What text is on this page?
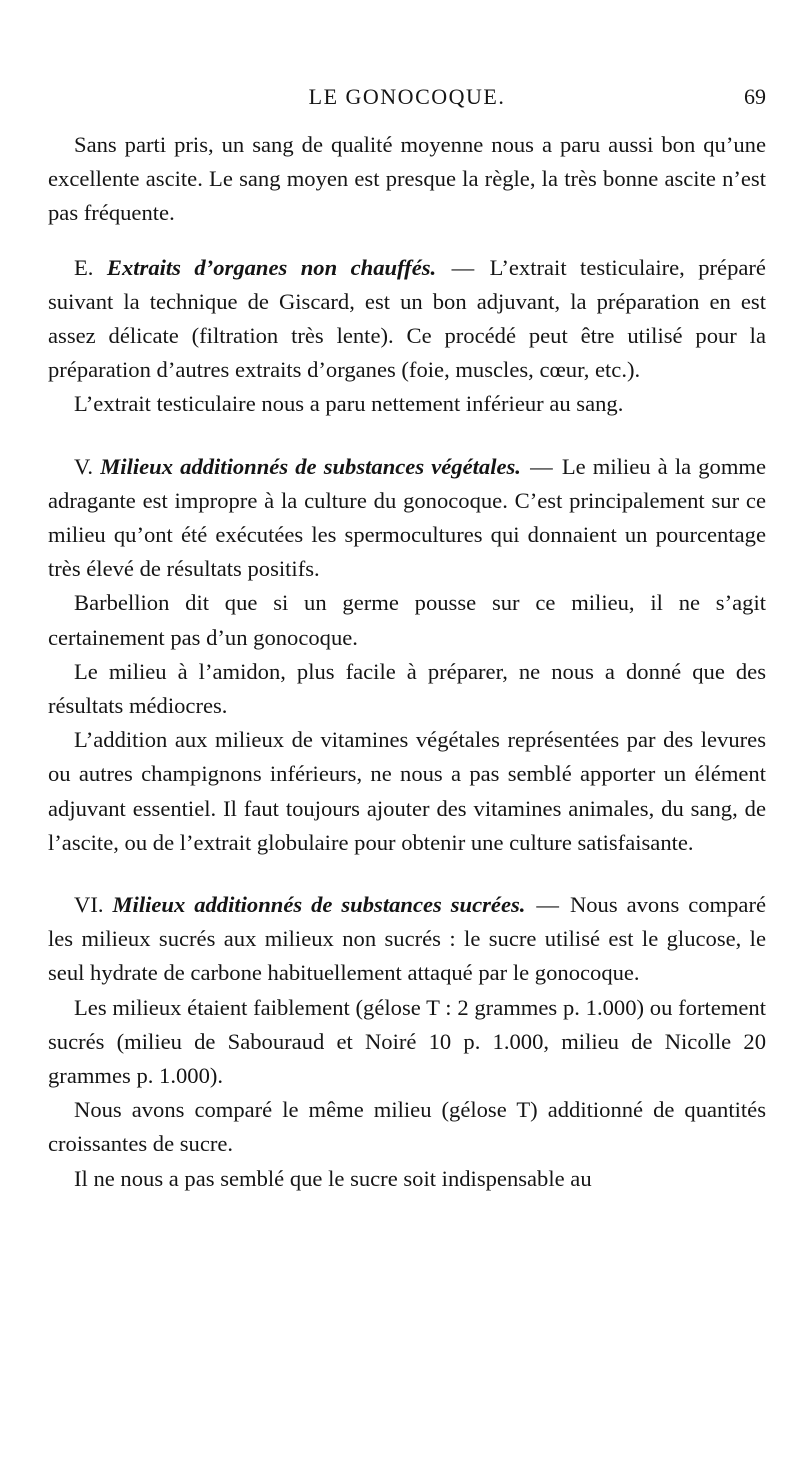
LE GONOCOQUE.	69

Sans parti pris, un sang de qualité moyenne nous a paru aussi bon qu’une excellente ascite. Le sang moyen est presque la règle, la très bonne ascite n’est pas fréquente.

E. Extraits d’organes non chauffés. — L’extrait testiculaire, préparé suivant la technique de Giscard, est un bon adjuvant, la préparation en est assez délicate (filtration très lente). Ce procédé peut être utilisé pour la préparation d’autres extraits d’organes (foie, muscles, cœur, etc.).

L’extrait testiculaire nous a paru nettement inférieur au sang.

V. Milieux additionnés de substances végétales. — Le milieu à la gomme adragante est impropre à la culture du gonocoque. C’est principalement sur ce milieu qu’ont été exécutées les spermocultures qui donnaient un pourcentage très élevé de résultats positifs.

Barbellion dit que si un germe pousse sur ce milieu, il ne s’agit certainement pas d’un gonocoque.

Le milieu à l’amidon, plus facile à préparer, ne nous a donné que des résultats médiocres.

L’addition aux milieux de vitamines végétales représentées par des levures ou autres champignons inférieurs, ne nous a pas semblé apporter un élément adjuvant essentiel. Il faut toujours ajouter des vitamines animales, du sang, de l’ascite, ou de l’extrait globulaire pour obtenir une culture satisfaisante.

VI. Milieux additionnés de substances sucrées. — Nous avons comparé les milieux sucrés aux milieux non sucrés : le sucre utilisé est le glucose, le seul hydrate de carbone habituellement attaqué par le gonocoque.

Les milieux étaient faiblement (gélose T : 2 grammes p. 1.000) ou fortement sucrés (milieu de Sabouraud et Noiré 10 p. 1.000, milieu de Nicolle 20 grammes p. 1.000).

Nous avons comparé le même milieu (gélose T) additionné de quantités croissantes de sucre.

Il ne nous a pas semblé que le sucre soit indispensable au
